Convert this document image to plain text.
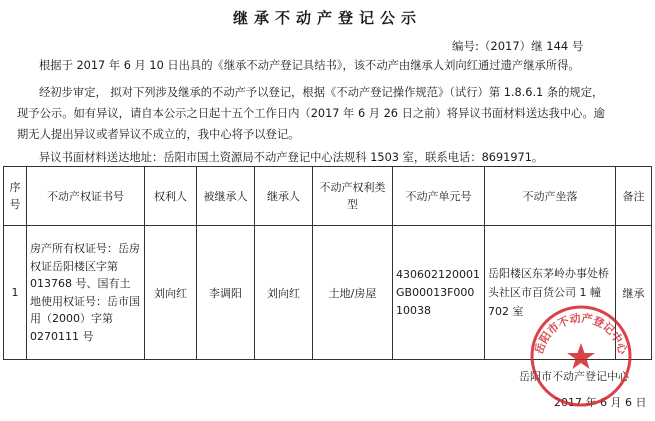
继承不动产登记公示
编号:（2017）继 144 号
根据于 2017 年 6 月 10 日出具的《继承不动产登记具结书》，该不动产由继承人刘向红通过遗产继承所得。
经初步审定， 拟对下列涉及继承的不动产予以登记，根据《不动产登记操作规范》（试行）第 1.8.6.1 条的规定，
现予公示。如有异议，请自本公示之日起十五个工作日内（2017 年 6 月 26 日之前）将异议书面材料送达我中心。逾
期无人提出异议或者异议不成立的，我中心将予以登记。
异议书面材料送达地址：岳阳市国土资源局不动产登记中心法规科 1503 室，联系电话：8691971。
序号	不动产权证书号	权利人	被继承人	继承人	不动产权利类型	不动产单元号	不动产坐落	备注
1	房产所有权证号：岳房权证岳阳楼区字第 013768 号、国有土地使用权证号：岳市国用（2000）字第 0270111 号	刘向红	李调阳	刘向红	土地/房屋	430602120001GB00013F00010038	岳阳楼区东茅岭办事处桥头社区市百货公司 1 幢 702 室	继承
岳阳市不动产登记中心
2017 年 6 月 6 日
岳阳市不动产登记中心
